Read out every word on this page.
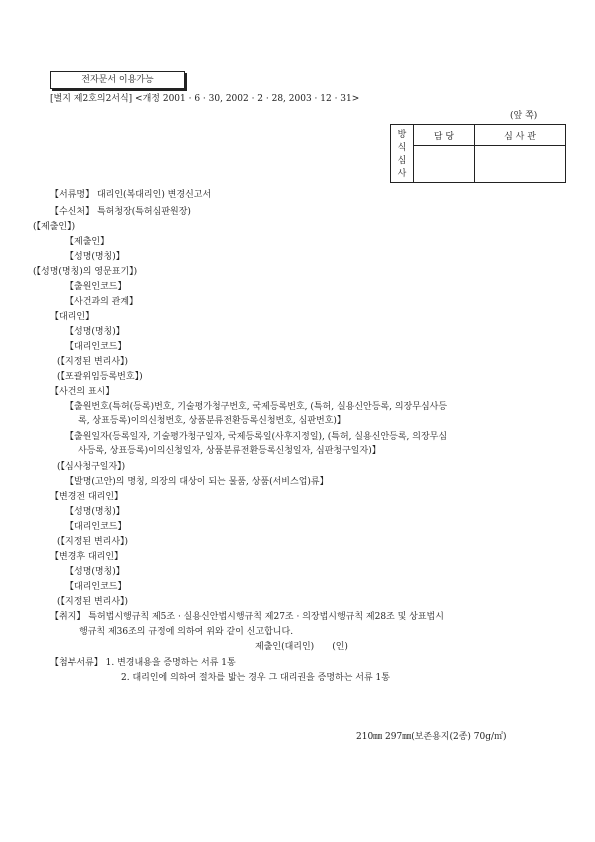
전자문서 이용가능
[별지 제2호의2서식] <개정 2001 · 6 · 30, 2002 · 2 · 28, 2003 · 12 · 31>
(앞 쪽)
방
식
심
사	담 당	심 사 관

【서류명】 대리인(복대리인) 변경신고서
【수신처】 특허청장(특허심판원장)
(【제출인】)
【제출인】
【성명(명칭)】
(【성명(명칭)의 영문표기】)
【출원인코드】
【사건과의 관계】
【대리인】
【성명(명칭)】
【대리인코드】
(【지정된 변리사】)
(【포괄위임등록번호】)
【사건의 표시】
【출원번호(특허(등록)번호, 기술평가청구번호, 국제등록번호, (특허, 실용신안등록, 의장무심사등
록, 상표등록)이의신청번호, 상품분류전환등록신청번호, 심판번호)】
【출원일자(등록일자, 기술평가청구일자, 국제등록일(사후지정일), (특허, 실용신안등록, 의장무심
사등록, 상표등록)이의신청일자, 상품분류전환등록신청일자, 심판청구일자)】
(【심사청구일자】)
【발명(고안)의 명칭, 의장의 대상이 되는 물품, 상품(서비스업)류】
【변경전 대리인】
【성명(명칭)】
【대리인코드】
(【지정된 변리사】)
【변경후 대리인】
【성명(명칭)】
【대리인코드】
(【지정된 변리사】)
【취지】 특허법시행규칙 제5조 · 실용신안법시행규칙 제27조 · 의장법시행규칙 제28조 및 상표법시
행규칙 제36조의 규정에 의하여 위와 같이 신고합니다.
제출인(대리인) (인)
【첨부서류】 1. 변경내용을 증명하는 서류 1통
2. 대리인에 의하여 절차를 밟는 경우 그 대리권을 증명하는 서류 1통
210㎜ 297㎜(보존용지(2종) 70g/㎡)
